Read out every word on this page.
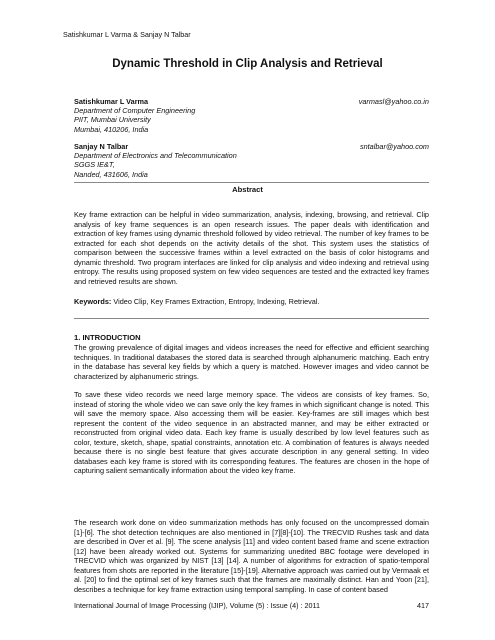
Satishkumar L Varma & Sanjay N Talbar
Dynamic Threshold in Clip Analysis and Retrieval
Satishkumar L Varma	varmasl@yahoo.co.in
Department of Computer Engineering
PIIT, Mumbai University
Mumbai, 410206, India
Sanjay N Talbar	sntalbar@yahoo.com
Department of Electronics and Telecommunication
SGGS IE&T,
Nanded, 431606, India
Abstract
Key frame extraction can be helpful in video summarization, analysis, indexing, browsing, and retrieval. Clip analysis of key frame sequences is an open research issues. The paper deals with identification and extraction of key frames using dynamic threshold followed by video retrieval. The number of key frames to be extracted for each shot depends on the activity details of the shot. This system uses the statistics of comparison between the successive frames within a level extracted on the basis of color histograms and dynamic threshold. Two program interfaces are linked for clip analysis and video indexing and retrieval using entropy. The results using proposed system on few video sequences are tested and the extracted key frames and retrieved results are shown.
Keywords: Video Clip, Key Frames Extraction, Entropy, Indexing, Retrieval.
1. INTRODUCTION
The growing prevalence of digital images and videos increases the need for effective and efficient searching techniques. In traditional databases the stored data is searched through alphanumeric matching. Each entry in the database has several key fields by which a query is matched. However images and video cannot be characterized by alphanumeric strings.
To save these video records we need large memory space. The videos are consists of key frames. So, instead of storing the whole video we can save only the key frames in which significant change is noted. This will save the memory space. Also accessing them will be easier. Key-frames are still images which best represent the content of the video sequence in an abstracted manner, and may be either extracted or reconstructed from original video data. Each key frame is usually described by low level features such as color, texture, sketch, shape, spatial constraints, annotation etc. A combination of features is always needed because there is no single best feature that gives accurate description in any general setting. In video databases each key frame is stored with its corresponding features. The features are chosen in the hope of capturing salient semantically information about the video key frame.
The research work done on video summarization methods has only focused on the uncompressed domain [1]-[6]. The shot detection techniques are also mentioned in [7][8]-[10]. The TRECVID Rushes task and data are described in Over et al. [9]. The scene analysis [11] and video content based frame and scene extraction [12] have been already worked out. Systems for summarizing unedited BBC footage were developed in TRECVID which was organized by NIST [13] [14]. A number of algorithms for extraction of spatio-temporal features from shots are reported in the literature [15]-[19]. Alternative approach was carried out by Vermaak et al. [20] to find the optimal set of key frames such that the frames are maximally distinct. Han and Yoon [21], describes a technique for key frame extraction using temporal sampling. In case of content based
International Journal of Image Processing (IJIP), Volume (5) : Issue (4) : 2011	417
